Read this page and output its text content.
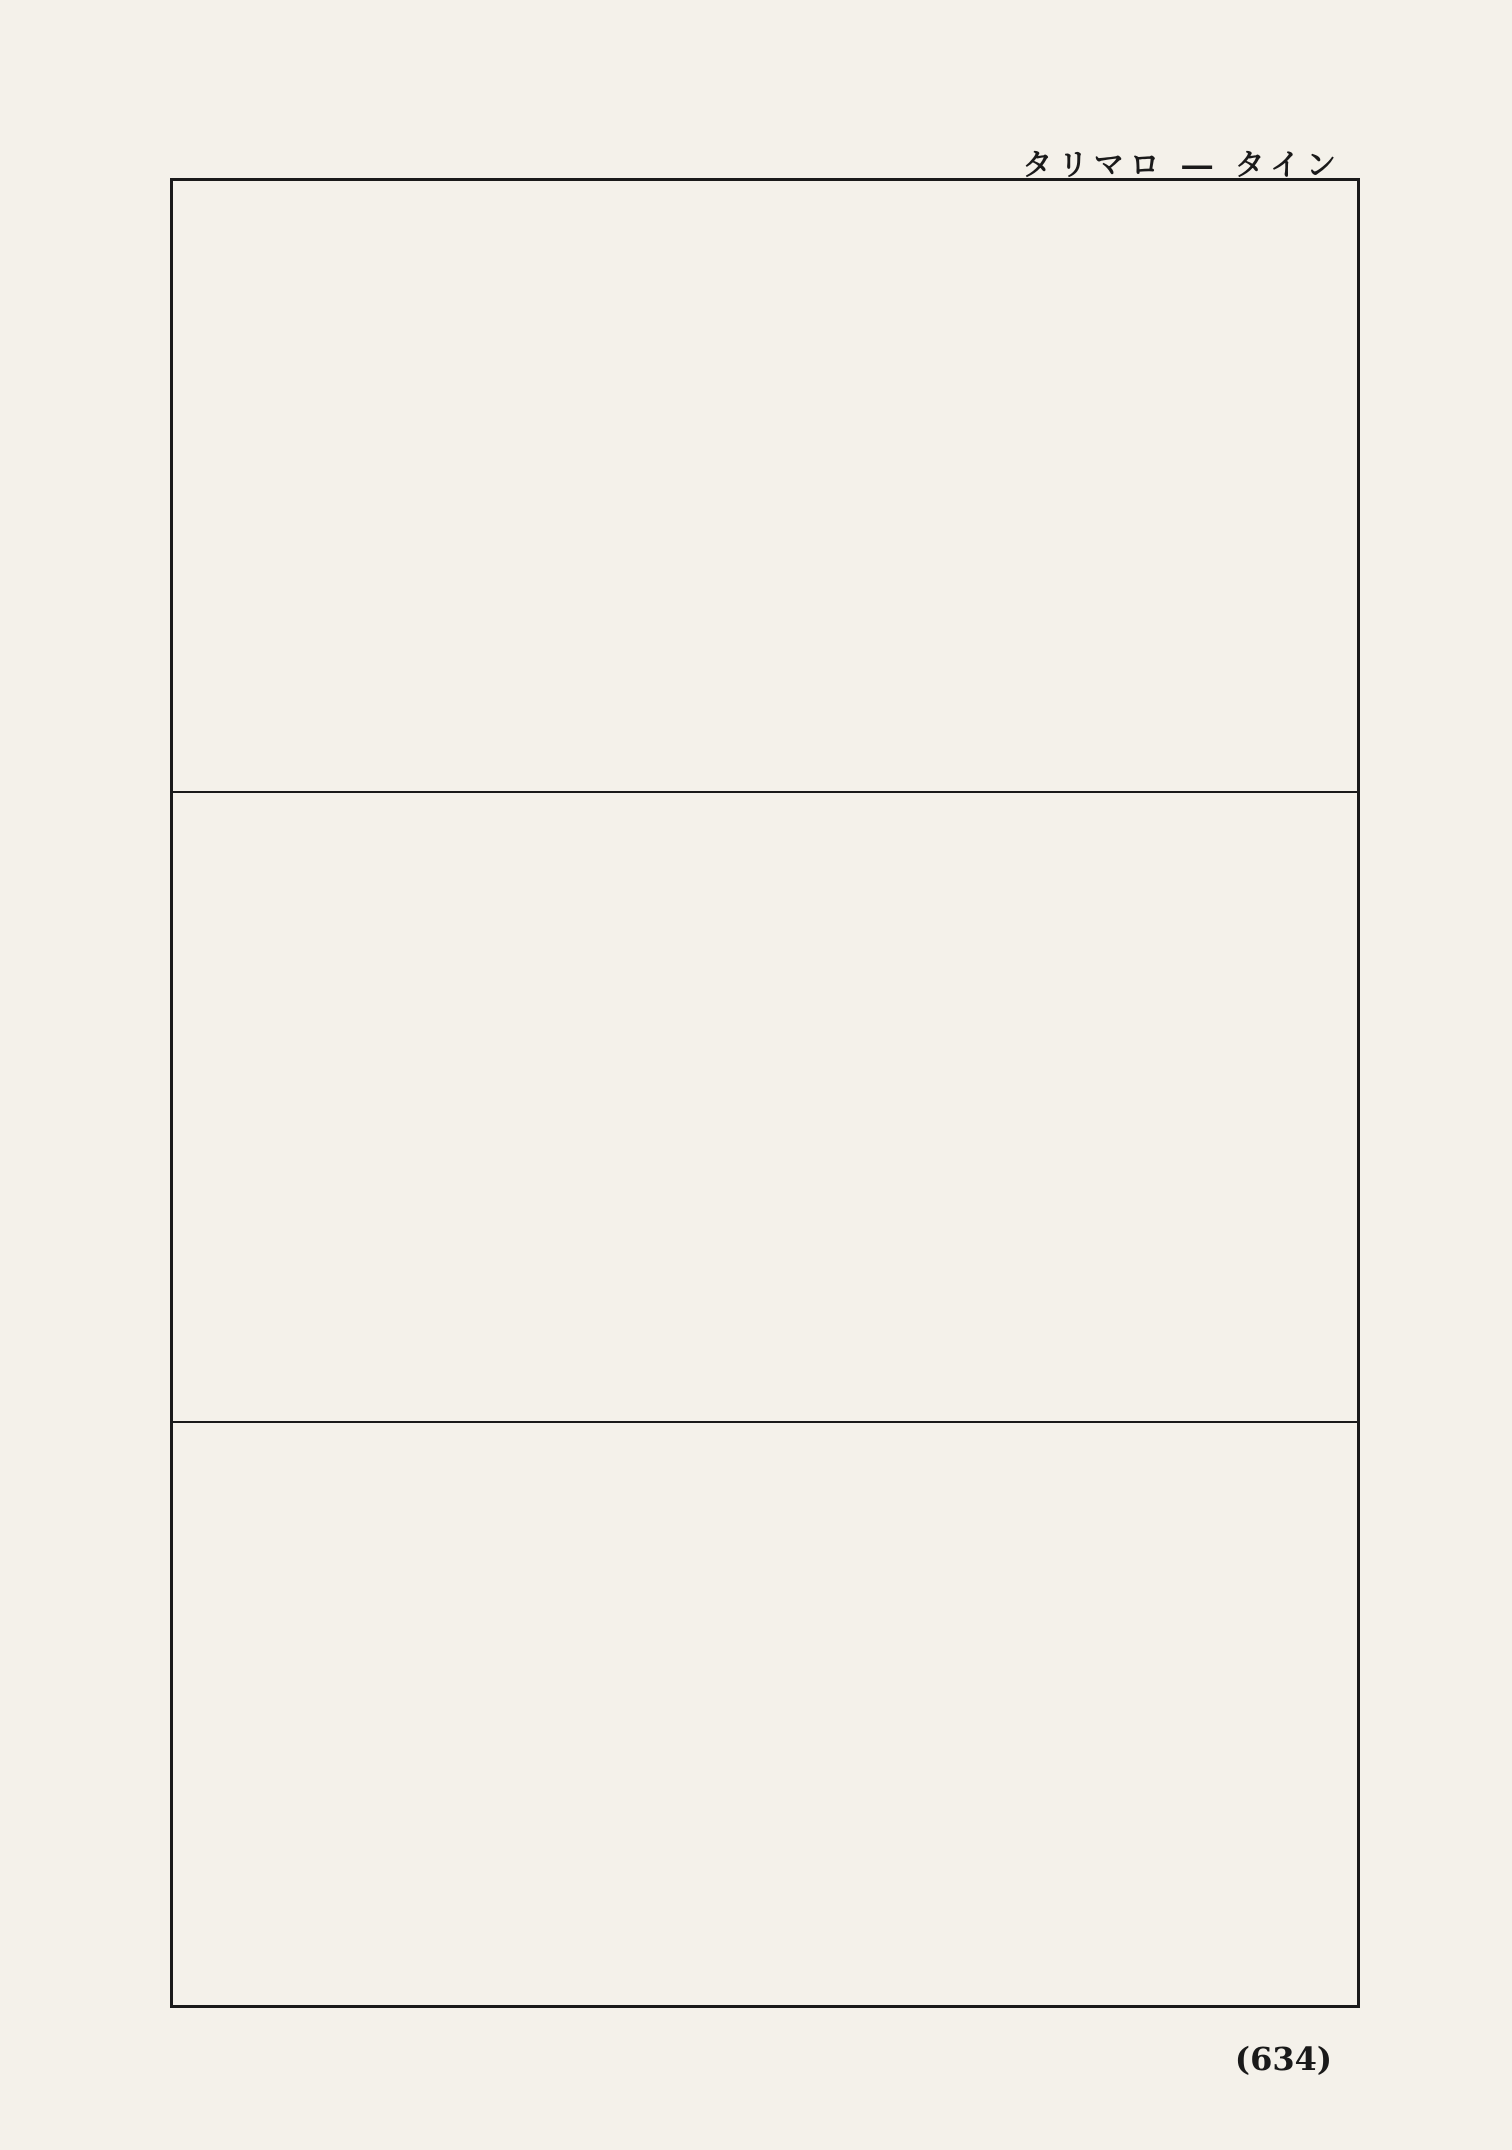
タリマロ ― タイン
(634)
